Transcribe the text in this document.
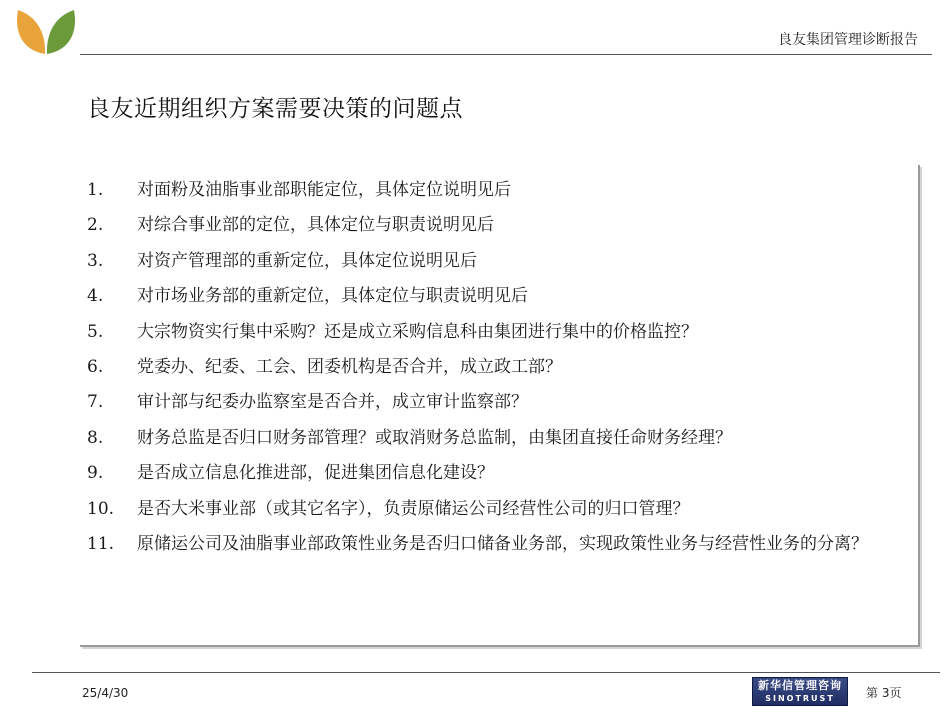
良友集团管理诊断报告
良友近期组织方案需要决策的问题点
1.	对面粉及油脂事业部职能定位，具体定位说明见后
2.	对综合事业部的定位，具体定位与职责说明见后
3.	对资产管理部的重新定位，具体定位说明见后
4.	对市场业务部的重新定位，具体定位与职责说明见后
5.	大宗物资实行集中采购？还是成立采购信息科由集团进行集中的价格监控？
6.	党委办、纪委、工会、团委机构是否合并，成立政工部？
7.	审计部与纪委办监察室是否合并，成立审计监察部？
8.	财务总监是否归口财务部管理？或取消财务总监制，由集团直接任命财务经理？
9.	是否成立信息化推进部，促进集团信息化建设？
10.	是否大米事业部（或其它名字），负责原储运公司经营性公司的归口管理？
11.	原储运公司及油脂事业部政策性业务是否归口储备业务部，实现政策性业务与经营性业务的分离？
25/4/30
新华信管理咨询
SINOTRUST	第 3页
